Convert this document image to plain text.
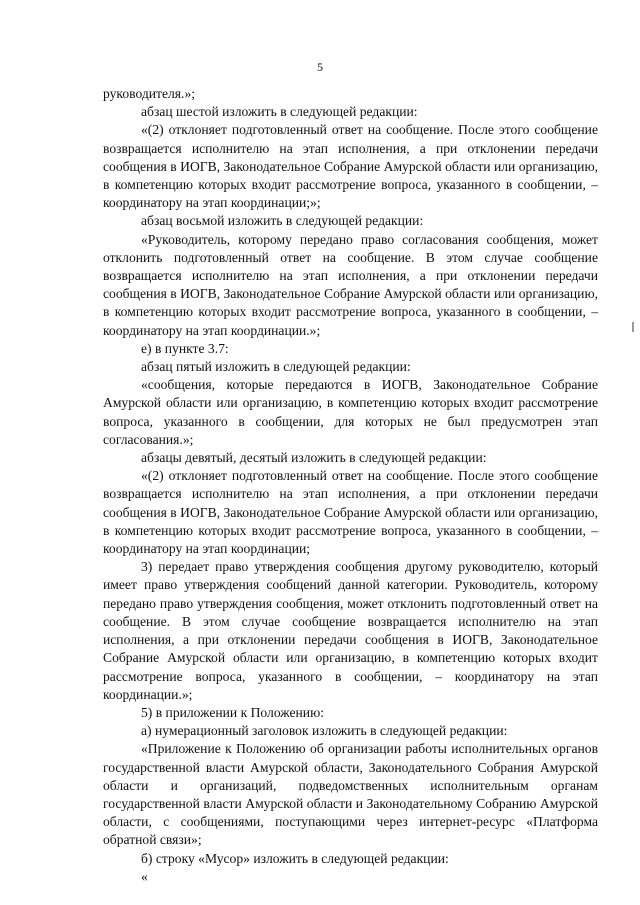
5

руководителя.»;

абзац шестой изложить в следующей редакции:

«(2) отклоняет подготовленный ответ на сообщение. После этого сообщение возвращается исполнителю на этап исполнения, а при отклонении передачи сообщения в ИОГВ, Законодательное Собрание Амурской области или организацию, в компетенцию которых входит рассмотрение вопроса, указанного в сообщении, – координатору на этап координации;»;

абзац восьмой изложить в следующей редакции:

«Руководитель, которому передано право согласования сообщения, может отклонить подготовленный ответ на сообщение. В этом случае сообщение возвращается исполнителю на этап исполнения, а при отклонении передачи сообщения в ИОГВ, Законодательное Собрание Амурской области или организацию, в компетенцию которых входит рассмотрение вопроса, указанного в сообщении, – координатору на этап координации.»;

е) в пункте 3.7:

абзац пятый изложить в следующей редакции:

«сообщения, которые передаются в ИОГВ, Законодательное Собрание Амурской области или организацию, в компетенцию которых входит рассмотрение вопроса, указанного в сообщении, для которых не был предусмотрен этап согласования.»;

абзацы девятый, десятый изложить в следующей редакции:

«(2) отклоняет подготовленный ответ на сообщение. После этого сообщение возвращается исполнителю на этап исполнения, а при отклонении передачи сообщения в ИОГВ, Законодательное Собрание Амурской области или организацию, в компетенцию которых входит рассмотрение вопроса, указанного в сообщении, – координатору на этап координации;

3) передает право утверждения сообщения другому руководителю, который имеет право утверждения сообщений данной категории. Руководитель, которому передано право утверждения сообщения, может отклонить подготовленный ответ на сообщение. В этом случае сообщение возвращается исполнителю на этап исполнения, а при отклонении передачи сообщения в ИОГВ, Законодательное Собрание Амурской области или организацию, в компетенцию которых входит рассмотрение вопроса, указанного в сообщении, – координатору на этап координации.»;

5) в приложении к Положению:

а) нумерационный заголовок изложить в следующей редакции:

«Приложение к Положению об организации работы исполнительных органов государственной власти Амурской области, Законодательного Собрания Амурской области и организаций, подведомственных исполнительным органам государственной власти Амурской области и Законодательному Собранию Амурской области, с сообщениями, поступающими через интернет-ресурс «Платформа обратной связи»;

б) строку «Мусор» изложить в следующей редакции:

«
